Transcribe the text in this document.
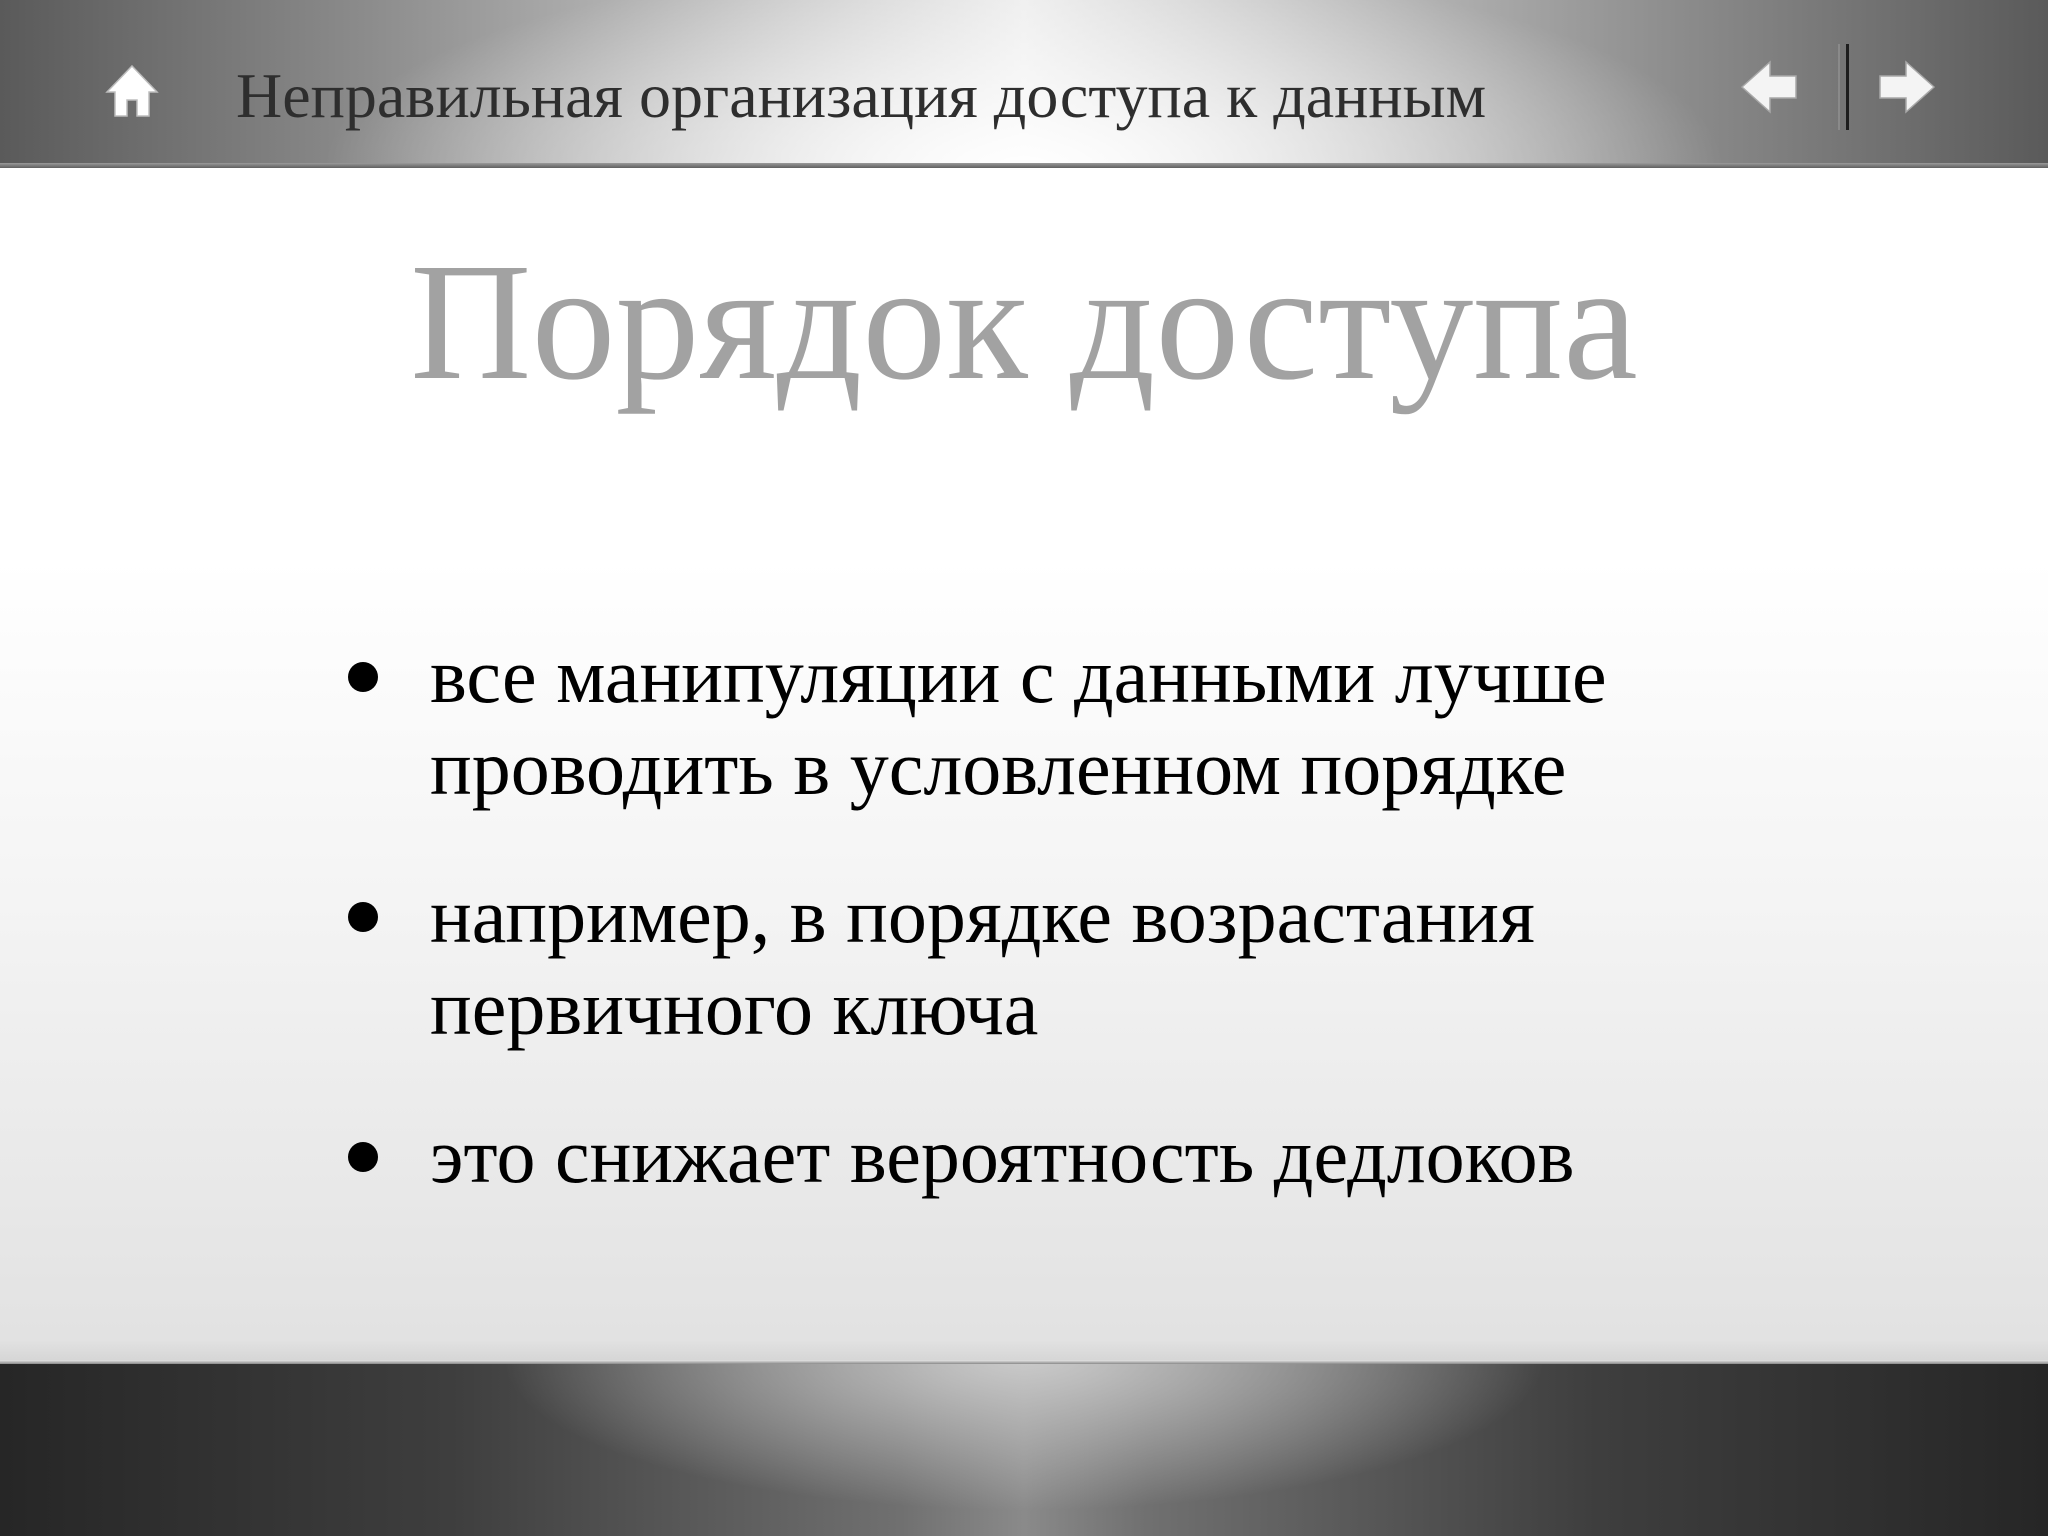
Неправильная организация доступа к данным
Порядок доступа
все манипуляции с данными лучше проводить в условленном порядке
например, в порядке возрастания первичного ключа
это снижает вероятность дедлоков
